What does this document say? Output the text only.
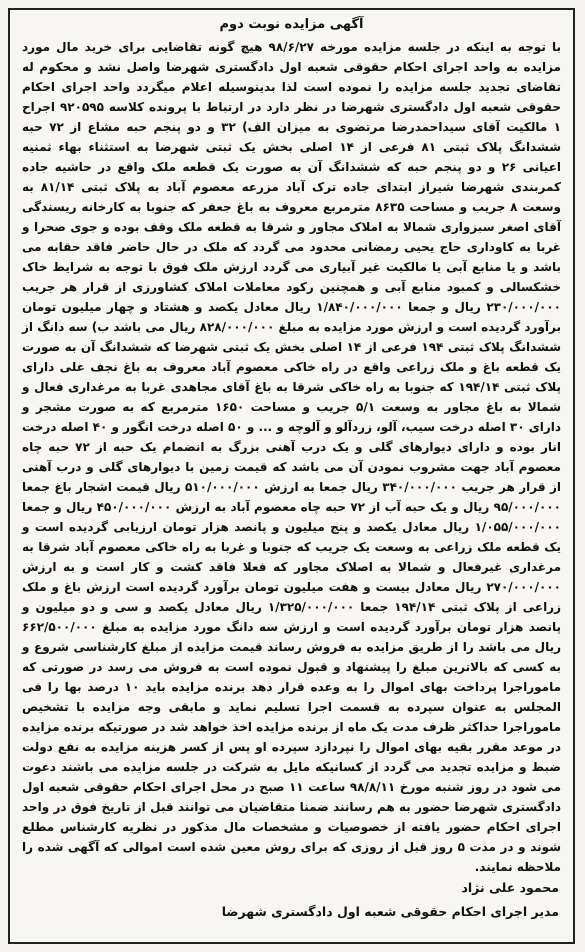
آگهی مزایده نوبت دوم

با توجه به اینکه در جلسه مزایده مورخه ۹۸/۶/۲۷ هیچ گونه تقاضایی برای خرید مال مورد مزایده به واحد اجرای احکام حقوقی شعبه اول دادگستری شهرضا واصل نشد و محکوم له تقاضای تجدید جلسه مزایده را نموده است لذا بدینوسیله اعلام میگردد واحد اجرای احکام حقوقی شعبه اول دادگستری شهرضا در نظر دارد در ارتباط با پرونده کلاسه ۹۲۰۵۹۵ اجراح ۱ مالکیت آقای سیداحمدرضا مرتضوی به میزان الف) ۳۲ و دو پنجم حبه مشاع از ۷۲ حبه ششدانگ پلاک ثبتی ۸۱ فرعی از ۱۴ اصلی بخش یک ثبتی شهرضا به استثناء بهاء ثمنیه اعیانی ۲۶ و دو پنجم حبه که ششدانگ آن به صورت یک قطعه ملک واقع در حاشیه جاده کمربندی شهرضا شیراز ابتدای جاده ترک آباد مزرعه معصوم آباد به پلاک ثبتی ۸۱/۱۴ به وسعت ۸ جریب و مساحت ۸۶۳۵ مترمربع معروف به باغ جعفر که جنوبا به کارخانه ریسندگی آقای اصغر سبزواری شمالا به املاک مجاور و شرقا به قطعه ملک وقف بوده و جوی صحرا و غربا به کاوداری حاج یحیی رمضانی محدود می گردد که ملک در حال حاضر فاقد حقابه می باشد و یا منابع آبی یا مالکیت غیر آبیاری می گردد ارزش ملک فوق با توجه به شرایط خاک خشکسالی و کمبود منابع آبی و همچنین رکود معاملات املاک کشاورزی از قرار هر جریب ۲۳۰/۰۰۰/۰۰۰ ریال و جمعا ۱/۸۴۰/۰۰۰/۰۰۰ ریال معادل یکصد و هشتاد و چهار میلیون تومان برآورد گردیده است و ارزش مورد مزایده به مبلغ ۸۲۸/۰۰۰/۰۰۰ ریال می باشد ب) سه دانگ از ششدانگ پلاک ثبتی ۱۹۴ فرعی از ۱۴ اصلی بخش یک ثبتی شهرضا که ششدانگ آن به صورت یک قطعه باغ و ملک زراعی واقع در راه خاکی معصوم آباد معروف به باغ نجف علی دارای پلاک ثبتی ۱۹۴/۱۴ که جنوبا به راه خاکی شرقا به باغ آقای مجاهدی غربا به مرغداری فعال و شمالا به باغ مجاور به وسعت ۵/۱ جریب و مساحت ۱۶۵۰ مترمربع که به صورت مشجر و دارای ۳۰ اصله درخت سیب، آلو، زردآلو و آلوچه و ... و ۵۰ اصله درخت انگور و ۴۰ اصله درخت انار بوده و دارای دیوارهای گلی و یک درب آهنی بزرگ به انضمام یک حبه از ۷۲ حبه چاه معصوم آباد جهت مشروب نمودن آن می باشد که قیمت زمین با دیوارهای گلی و درب آهنی از قرار هر جریب ۳۴۰/۰۰۰/۰۰۰ ریال جمعا به ارزش ۵۱۰/۰۰۰/۰۰۰ ریال قیمت اشجار باغ جمعا ۹۵/۰۰۰/۰۰۰ ریال و یک حبه آب از ۷۲ حبه چاه معصوم آباد به ارزش ۴۵۰/۰۰۰/۰۰۰ ریال و جمعا ۱/۰۵۵/۰۰۰/۰۰۰ ریال معادل یکصد و پنج میلیون و پانصد هزار تومان ارزیابی گردیده است و یک قطعه ملک زراعی به وسعت یک جریب که جنوبا و غربا به راه خاکی معصوم آباد شرقا به مرغداری غیرفعال و شمالا به اصلاک مجاور که فعلا فاقد کشت و کار است و به ارزش ۲۷۰/۰۰۰/۰۰۰ ریال معادل بیست و هفت میلیون تومان برآورد گردیده است ارزش باغ و ملک زراعی از پلاک ثبتی ۱۹۴/۱۴ جمعا ۱/۳۲۵/۰۰۰/۰۰۰ ریال معادل یکصد و سی و دو میلیون و پانصد هزار تومان برآورد گردیده است و ارزش سه دانگ مورد مزایده به مبلغ ۶۶۲/۵۰۰/۰۰۰ ریال می باشد را از طریق مزایده به فروش رساند قیمت مزایده از مبلغ کارشناسی شروع و به کسی که بالاترین مبلغ را پیشنهاد و قبول نموده است به فروش می رسد در صورتی که ماموراجرا پرداخت بهای اموال را به وعده قرار دهد برنده مزایده باید ۱۰ درصد بها را فی المجلس به عنوان سپرده به قسمت اجرا تسلیم نماید و مابقی وجه مزایده با تشخیص ماموراجرا حداکثر ظرف مدت یک ماه از برنده مزایده اخذ خواهد شد در صورتیکه برنده مزایده در موعد مقرر بقیه بهای اموال را نپردازد سپرده او پس از کسر هزینه مزایده به نفع دولت ضبط و مزایده تجدید می گردد از کسانیکه مایل به شرکت در جلسه مزایده می باشند دعوت می شود در روز شنبه مورخ ۹۸/۸/۱۱ ساعت ۱۱ صبح در محل اجرای احکام حقوقی شعبه اول دادگستری شهرضا حضور به هم رسانند ضمنا متقاضیان می توانند قبل از تاریخ فوق در واحد اجرای احکام حضور یافته از خصوصیات و مشخصات مال مذکور در نظریه کارشناس مطلع شوند و در مدت ۵ روز قبل از روزی که برای روش معین شده است اموالی که آگهی شده را ملاحظه نمایند.

محمود علی نژاد
مدیر اجرای احکام حقوقی شعبه اول دادگستری شهرضا
